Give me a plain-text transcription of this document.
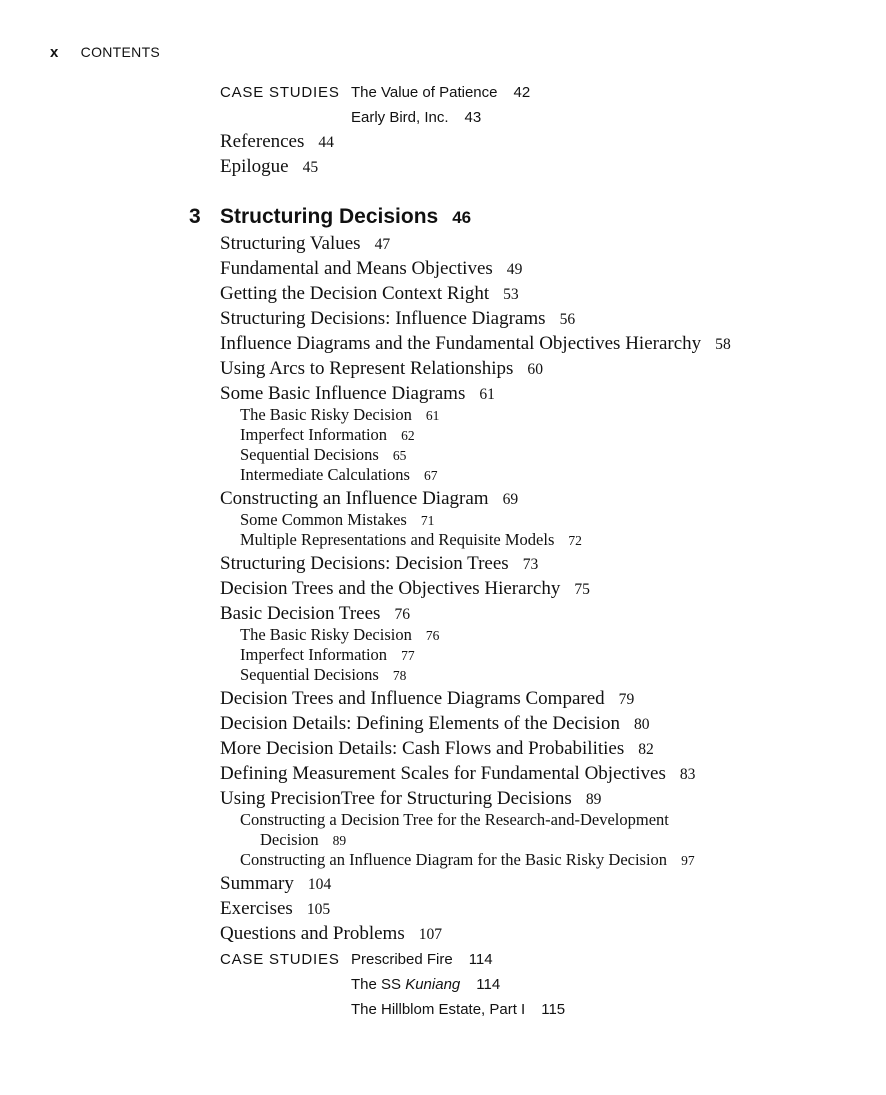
x CONTENTS
CASE STUDIES The Value of Patience 42
Early Bird, Inc. 43
References 44
Epilogue 45
3 Structuring Decisions 46
Structuring Values 47
Fundamental and Means Objectives 49
Getting the Decision Context Right 53
Structuring Decisions: Influence Diagrams 56
Influence Diagrams and the Fundamental Objectives Hierarchy 58
Using Arcs to Represent Relationships 60
Some Basic Influence Diagrams 61
The Basic Risky Decision 61
Imperfect Information 62
Sequential Decisions 65
Intermediate Calculations 67
Constructing an Influence Diagram 69
Some Common Mistakes 71
Multiple Representations and Requisite Models 72
Structuring Decisions: Decision Trees 73
Decision Trees and the Objectives Hierarchy 75
Basic Decision Trees 76
The Basic Risky Decision 76
Imperfect Information 77
Sequential Decisions 78
Decision Trees and Influence Diagrams Compared 79
Decision Details: Defining Elements of the Decision 80
More Decision Details: Cash Flows and Probabilities 82
Defining Measurement Scales for Fundamental Objectives 83
Using PrecisionTree for Structuring Decisions 89
Constructing a Decision Tree for the Research-and-Development
Decision 89
Constructing an Influence Diagram for the Basic Risky Decision 97
Summary 104
Exercises 105
Questions and Problems 107
CASE STUDIES Prescribed Fire 114
The SS Kuniang 114
The Hillblom Estate, Part I 115
